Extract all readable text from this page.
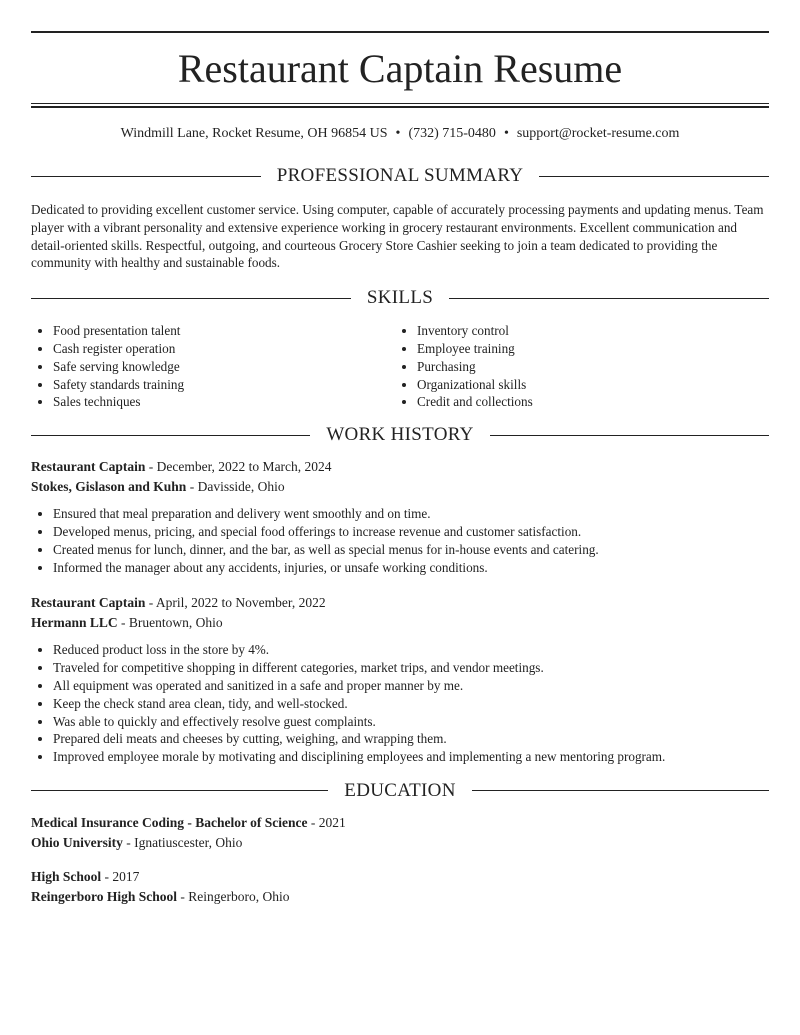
Restaurant Captain Resume
Windmill Lane, Rocket Resume, OH 96854 US • (732) 715-0480 • support@rocket-resume.com
PROFESSIONAL SUMMARY

Dedicated to providing excellent customer service. Using computer, capable of accurately processing payments and updating menus. Team player with a vibrant personality and extensive experience working in grocery restaurant environments. Excellent communication and detail-oriented skills. Respectful, outgoing, and courteous Grocery Store Cashier seeking to join a team dedicated to providing the community with healthy and sustainable foods.

SKILLS
• Food presentation talent
• Cash register operation
• Safe serving knowledge
• Safety standards training
• Sales techniques
• Inventory control
• Employee training
• Purchasing
• Organizational skills
• Credit and collections
WORK HISTORY
Restaurant Captain - December, 2022 to March, 2024
Stokes, Gislason and Kuhn - Davisside, Ohio
• Ensured that meal preparation and delivery went smoothly and on time.
• Developed menus, pricing, and special food offerings to increase revenue and customer satisfaction.
• Created menus for lunch, dinner, and the bar, as well as special menus for in-house events and catering.
• Informed the manager about any accidents, injuries, or unsafe working conditions.
Restaurant Captain - April, 2022 to November, 2022
Hermann LLC - Bruentown, Ohio
• Reduced product loss in the store by 4%.
• Traveled for competitive shopping in different categories, market trips, and vendor meetings.
• All equipment was operated and sanitized in a safe and proper manner by me.
• Keep the check stand area clean, tidy, and well-stocked.
• Was able to quickly and effectively resolve guest complaints.
• Prepared deli meats and cheeses by cutting, weighing, and wrapping them.
• Improved employee morale by motivating and disciplining employees and implementing a new mentoring program.
EDUCATION
Medical Insurance Coding - Bachelor of Science - 2021
Ohio University - Ignatiuscester, Ohio
High School - 2017
Reingerboro High School - Reingerboro, Ohio
